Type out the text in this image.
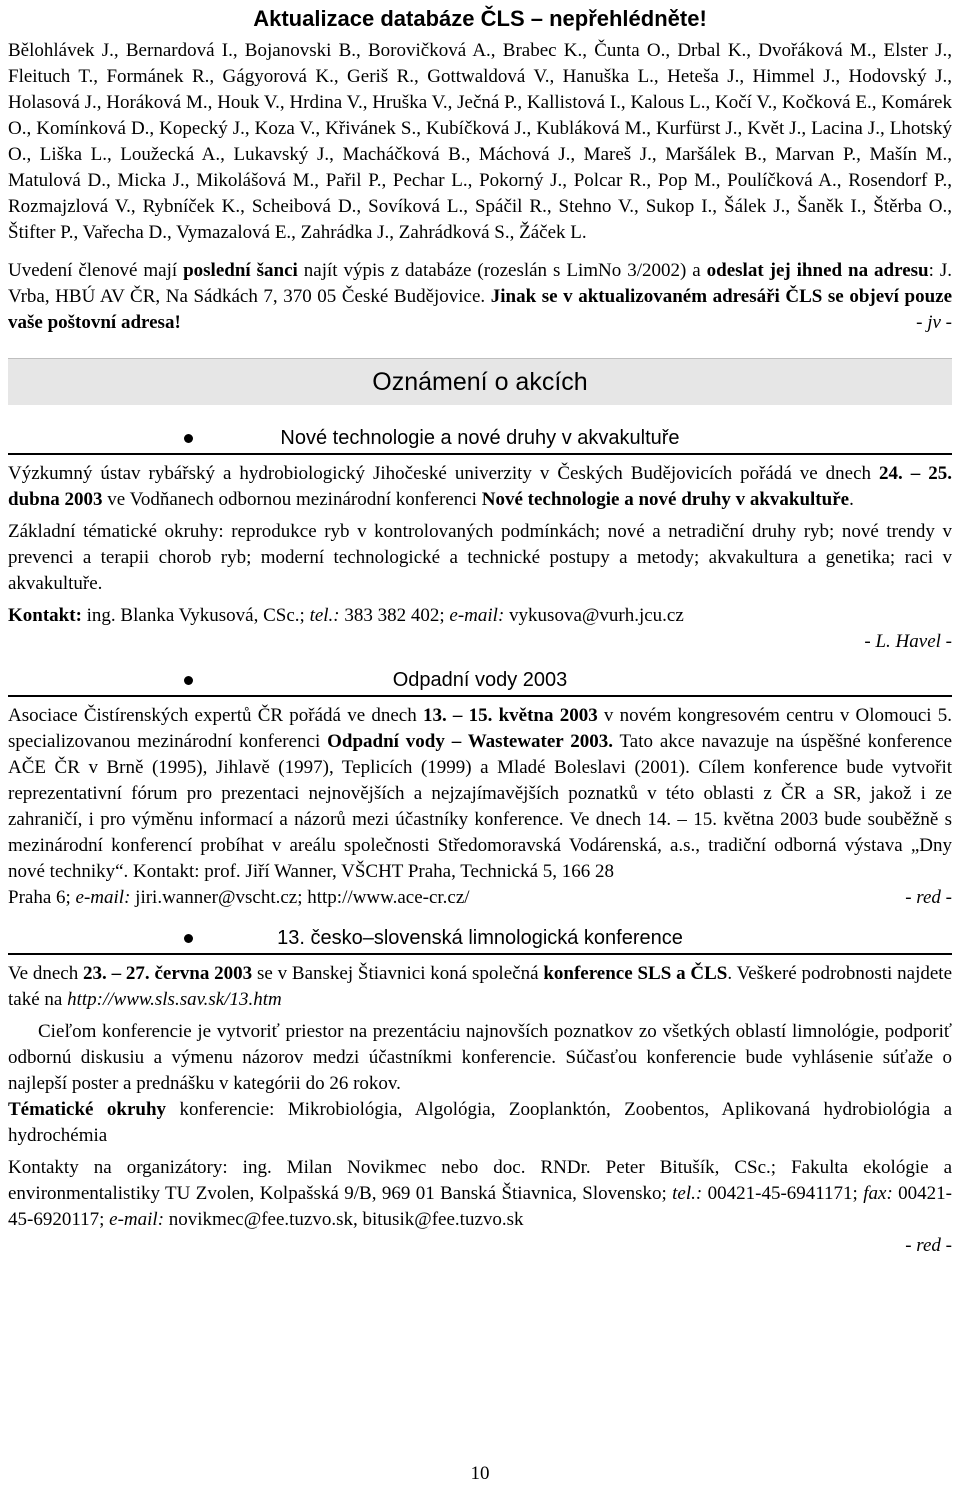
Aktualizace databáze ČLS – nepřehlédněte!
Bělohlávek J., Bernardová I., Bojanovski B., Borovičková A., Brabec K., Čunta O., Drbal K., Dvořáková M., Elster J., Fleituch T., Formánek R., Gágyorová K., Geriš R., Gottwaldová V., Hanuška L., Heteša J., Himmel J., Hodovský J., Holasová J., Horáková M., Houk V., Hrdina V., Hruška V., Ječná P., Kallistová I., Kalous L., Kočí V., Kočková E., Komárek O., Komínková D., Kopecký J., Koza V., Křivánek S., Kubíčková J., Kubláková M., Kurfürst J., Květ J., Lacina J., Lhotský O., Liška L., Loužecká A., Lukavský J., Macháčková B., Máchová J., Mareš J., Maršálek B., Marvan P., Mašín M., Matulová D., Micka J., Mikolášová M., Pařil P., Pechar L., Pokorný J., Polcar R., Pop M., Poulíčková A., Rosendorf P., Rozmajzlová V., Rybníček K., Scheibová D., Sovíková L., Spáčil R., Stehno V., Sukop I., Šálek J., Šaněk I., Štěrba O., Štifter P., Vařecha D., Vymazalová E., Zahrádka J., Zahrádková S., Žáček L.
Uvedení členové mají poslední šanci najít výpis z databáze (rozeslán s LimNo 3/2002) a odeslat jej ihned na adresu: J. Vrba, HBÚ AV ČR, Na Sádkách 7, 370 05 České Budějovice. Jinak se v aktualizovaném adresáři ČLS se objeví pouze vaše poštovní adresa!	- jv -
Oznámení o akcích
Nové technologie a nové druhy v akvakultuře
Výzkumný ústav rybářský a hydrobiologický Jihočeské univerzity v Českých Budějovicích pořádá ve dnech 24. – 25. dubna 2003 ve Vodňanech odbornou mezinárodní konferenci Nové technologie a nové druhy v akvakultuře.
Základní tématické okruhy: reprodukce ryb v kontrolovaných podmínkách; nové a netradiční druhy ryb; nové trendy v prevenci a terapii chorob ryb; moderní technologické a technické postupy a metody; akvakultura a genetika; raci v akvakultuře.
Kontakt: ing. Blanka Vykusová, CSc.; tel.: 383 382 402; e-mail: vykusova@vurh.jcu.cz
- L. Havel -
Odpadní vody 2003
Asociace Čistírenských expertů ČR pořádá ve dnech 13. – 15. května 2003 v novém kongresovém centru v Olomouci 5. specializovanou mezinárodní konferenci Odpadní vody – Wastewater 2003. Tato akce navazuje na úspěšné konference AČE ČR v Brně (1995), Jihlavě (1997), Teplicích (1999) a Mladé Boleslavi (2001). Cílem konference bude vytvořit reprezentativní fórum pro prezentaci nejnovějších a nejzajímavějších poznatků v této oblasti z ČR a SR, jakož i ze zahraničí, i pro výměnu informací a názorů mezi účastníky konference. Ve dnech 14. – 15. května 2003 bude souběžně s mezinárodní konferencí probíhat v areálu společnosti Středomoravská Vodárenská, a.s., tradiční odborná výstava „Dny nové techniky“. Kontakt: prof. Jiří Wanner, VŠCHT Praha, Technická 5, 166 28
Praha 6; e-mail: jiri.wanner@vscht.cz; http://www.ace-cr.cz/	- red -
13. česko–slovenská limnologická konference
Ve dnech 23. – 27. června 2003 se v Banskej Štiavnici koná společná konference SLS a ČLS. Veškeré podrobnosti najdete také na http://www.sls.sav.sk/13.htm
Cieľom konferencie je vytvoriť priestor na prezentáciu najnovších poznatkov zo všetkých oblastí limnológie, podporiť odbornú diskusiu a výmenu názorov medzi účastníkmi konferencie. Súčasťou konferencie bude vyhlásenie súťaže o najlepší poster a prednášku v kategórii do 26 rokov.
Tématické okruhy konferencie: Mikrobiológia, Algológia, Zooplanktón, Zoobentos, Aplikovaná hydrobiológia a hydrochémia
Kontakty na organizátory: ing. Milan Novikmec nebo doc. RNDr. Peter Bitušík, CSc.; Fakulta ekológie a environmentalistiky TU Zvolen, Kolpašská 9/B, 969 01 Banská Štiavnica, Slovensko; tel.: 00421-45-6941171; fax: 00421-45-6920117; e-mail: novikmec@fee.tuzvo.sk, bitusik@fee.tuzvo.sk
- red -
10
